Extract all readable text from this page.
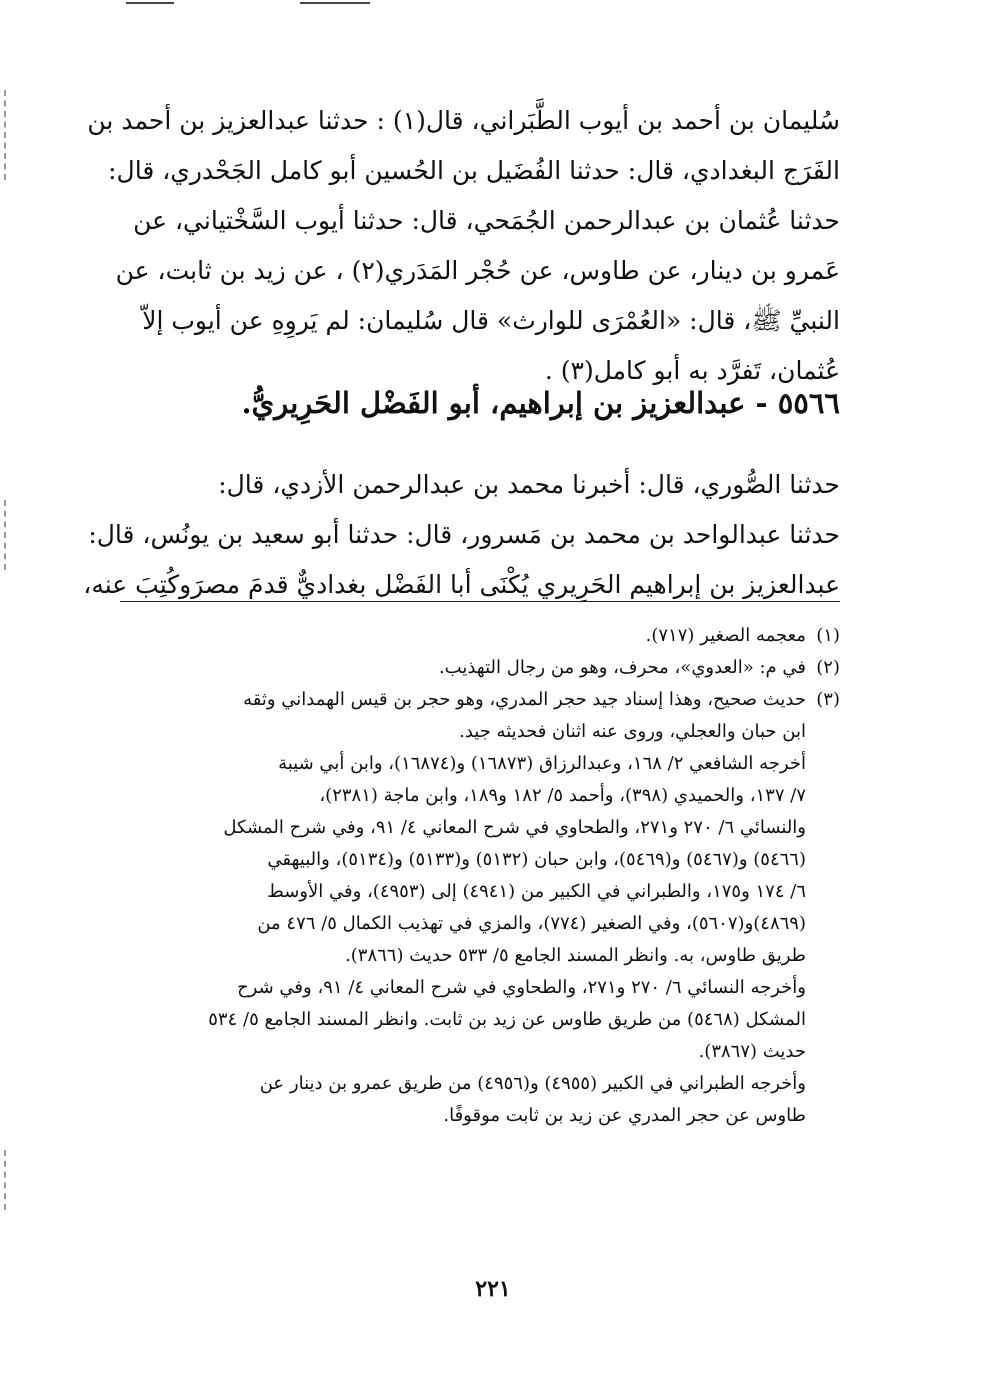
سُليمان بن أحمد بن أيوب الطَّبَراني، قال(١) : حدثنا عبدالعزيز بن أحمد بن
الفَرَج البغدادي، قال: حدثنا الفُضَيل بن الحُسين أبو كامل الجَحْدري، قال:
حدثنا عُثمان بن عبدالرحمن الجُمَحي، قال: حدثنا أيوب السَّخْتياني، عن
عَمرو بن دينار، عن طاوس، عن حُجْر المَدَري(٢) ، عن زيد بن ثابت، عن
النبيِّ ﷺ، قال: «العُمْرَى للوارث» قال سُليمان: لم يَروِهِ عن أيوب إلاّ
عُثمان، تَفرَّد به أبو كامل(٣) .
٥٥٦٦ - عبدالعزيز بن إبراهيم، أبو الفَضْل الحَرِيريُّ.
حدثنا الصُّوري، قال: أخبرنا محمد بن عبدالرحمن الأزدي، قال:
حدثنا عبدالواحد بن محمد بن مَسرور، قال: حدثنا أبو سعيد بن يونُس، قال:
عبدالعزيز بن إبراهيم الحَرِيري يُكْنَى أبا الفَضْل بغداديٌّ قدمَ مصرَوكُتِبَ عنه،
(١)
معجمه الصغير (٧١٧).
(٢)
في م: «العدوي»، محرف، وهو من رجال التهذيب.
(٣)
حديث صحيح، وهذا إسناد جيد حجر المدري، وهو حجر بن قيس الهمداني وثقه
ابن حبان والعجلي، وروى عنه اثنان فحديثه جيد.
أخرجه الشافعي ٢/ ١٦٨، وعبدالرزاق (١٦٨٧٣) و(١٦٨٧٤)، وابن أبي شيبة
٧/ ١٣٧، والحميدي (٣٩٨)، وأحمد ٥/ ١٨٢ و١٨٩، وابن ماجة (٢٣٨١)،
والنسائي ٦/ ٢٧٠ و٢٧١، والطحاوي في شرح المعاني ٤/ ٩١، وفي شرح المشكل
(٥٤٦٦) و(٥٤٦٧) و(٥٤٦٩)، وابن حبان (٥١٣٢) و(٥١٣٣) و(٥١٣٤)، والبيهقي
٦/ ١٧٤ و١٧٥، والطبراني في الكبير من (٤٩٤١) إلى (٤٩٥٣)، وفي الأوسط
(٤٨٦٩)و(٥٦٠٧)، وفي الصغير (٧٧٤)، والمزي في تهذيب الكمال ٥/ ٤٧٦ من
طريق طاوس، به. وانظر المسند الجامع ٥/ ٥٣٣ حديث (٣٨٦٦).
وأخرجه النسائي ٦/ ٢٧٠ و٢٧١، والطحاوي في شرح المعاني ٤/ ٩١، وفي شرح
المشكل (٥٤٦٨) من طريق طاوس عن زيد بن ثابت. وانظر المسند الجامع ٥/ ٥٣٤
حديث (٣٨٦٧).
وأخرجه الطبراني في الكبير (٤٩٥٥) و(٤٩٥٦) من طريق عمرو بن دينار عن
طاوس عن حجر المدري عن زيد بن ثابت موقوفًا.
٢٢١
